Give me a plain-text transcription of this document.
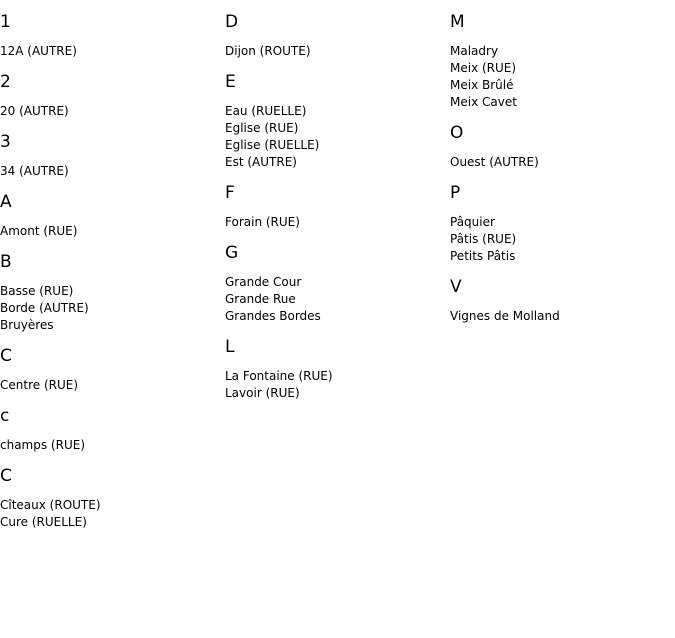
1
12A (AUTRE)
2
20 (AUTRE)
3
34 (AUTRE)
A
Amont (RUE)
B
Basse (RUE)
Borde (AUTRE)
Bruyères
C
Centre (RUE)
c
champs (RUE)
C
Cîteaux (ROUTE)
Cure (RUELLE)
D
Dijon (ROUTE)
E
Eau (RUELLE)
Eglise (RUE)
Eglise (RUELLE)
Est (AUTRE)
F
Forain (RUE)
G
Grande Cour
Grande Rue
Grandes Bordes
L
La Fontaine (RUE)
Lavoir (RUE)
M
Maladry
Meix (RUE)
Meix Brûlé
Meix Cavet
O
Ouest (AUTRE)
P
Pâquier
Pâtis (RUE)
Petits Pâtis
V
Vignes de Molland
